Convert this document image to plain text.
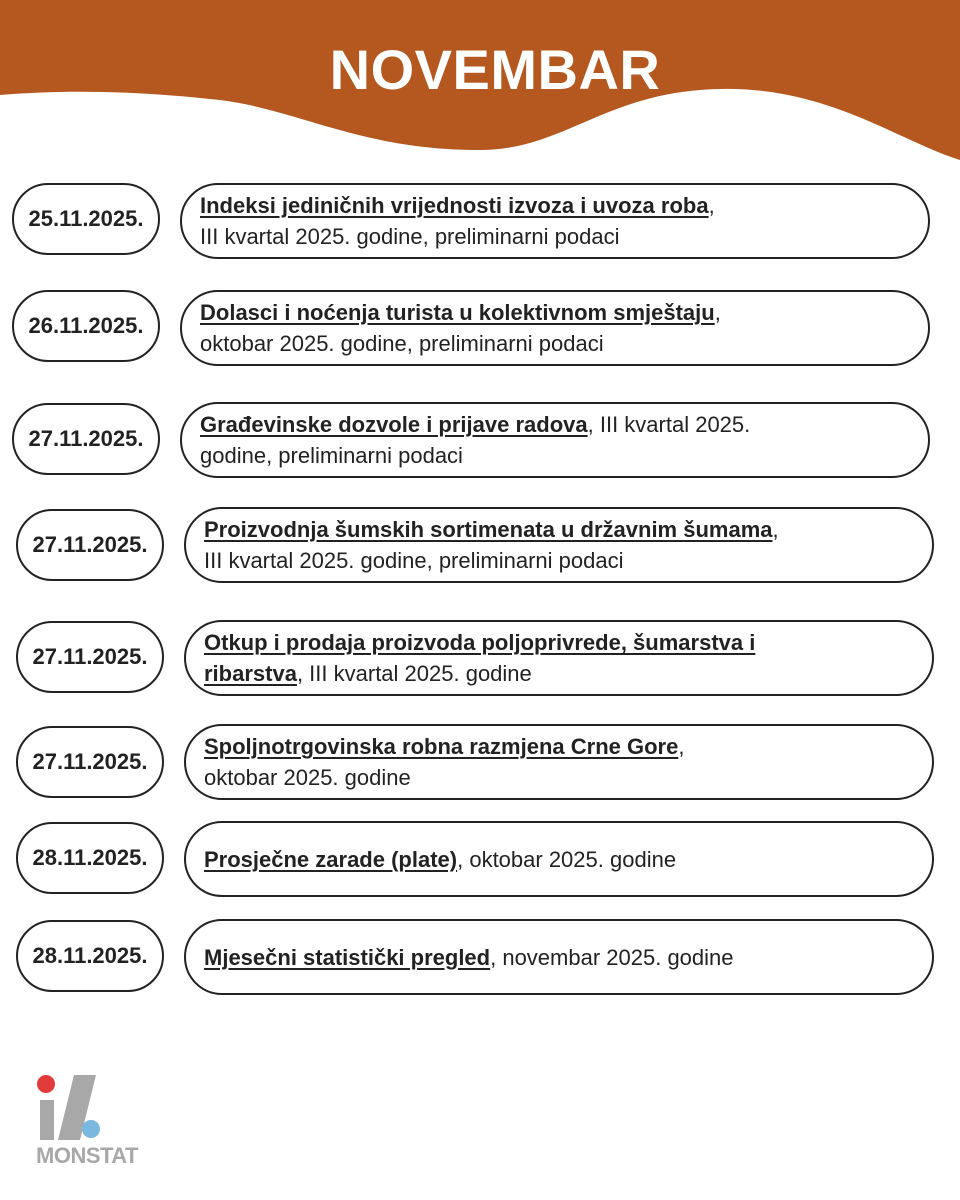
NOVEMBAR
25.11.2025.
Indeksi jediničnih vrijednosti izvoza i uvoza roba,
III kvartal 2025. godine, preliminarni podaci
26.11.2025.
Dolasci i noćenja turista u kolektivnom smještaju,
oktobar 2025. godine, preliminarni podaci
27.11.2025.
Građevinske dozvole i prijave radova, III kvartal 2025.
godine, preliminarni podaci
27.11.2025.
Proizvodnja šumskih sortimenata u državnim šumama,
III kvartal 2025. godine, preliminarni podaci
27.11.2025.
Otkup i prodaja proizvoda poljoprivrede, šumarstva i
ribarstva, III kvartal 2025. godine
27.11.2025.
Spoljnotrgovinska robna razmjena Crne Gore,
oktobar 2025. godine
28.11.2025.	Prosječne zarade (plate), oktobar 2025. godine
28.11.2025.	Mjesečni statistički pregled, novembar 2025. godine
MONSTAT
